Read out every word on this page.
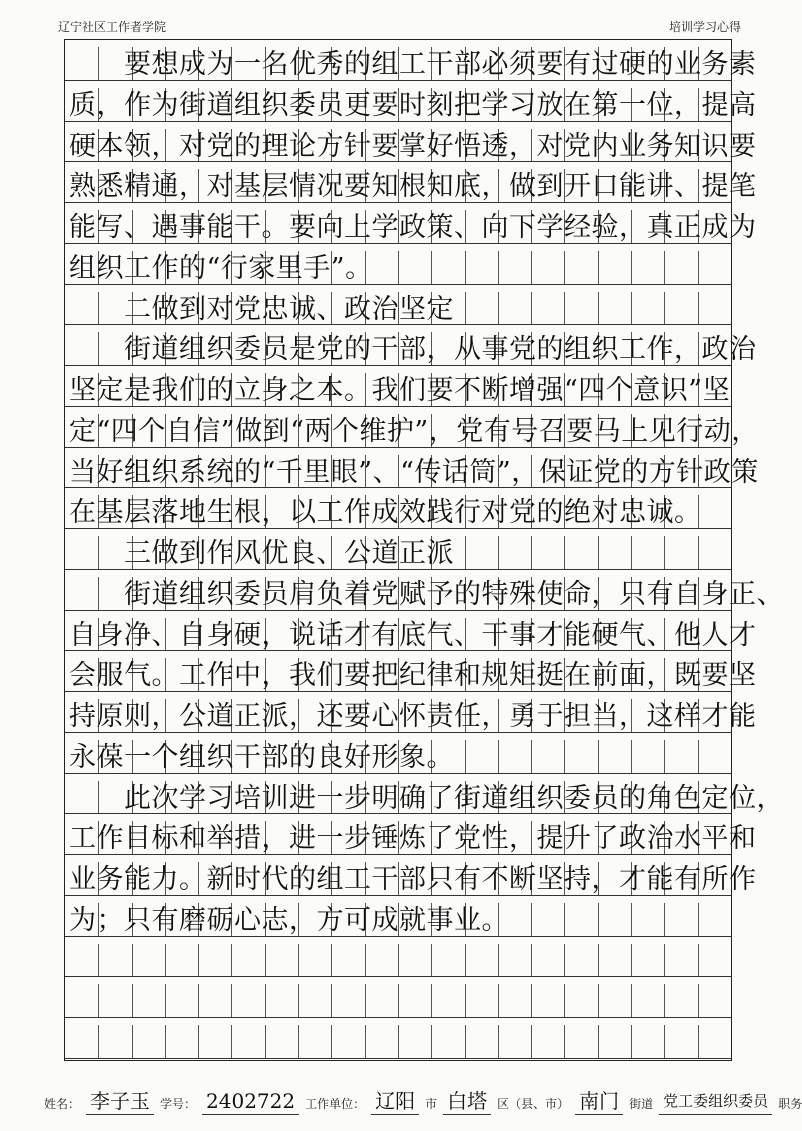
辽宁社区工作者学院	培训学习心得
　　要想成为一名优秀的组工干部必须要有过硬的业务素
质，作为街道组织委员更要时刻把学习放在第一位，提高
硬本领，对党的理论方针要掌好悟透，对党内业务知识要
熟悉精通，对基层情况要知根知底，做到开口能讲、提笔
能写、遇事能干。要向上学政策、向下学经验，真正成为
组织工作的“行家里手”。
　　二做到对党忠诚、政治坚定
　　街道组织委员是党的干部，从事党的组织工作，政治
坚定是我们的立身之本。我们要不断增强“四个意识”坚
定“四个自信”做到“两个维护”，党有号召要马上见行动，
当好组织系统的“千里眼”、“传话筒”，保证党的方针政策
在基层落地生根，以工作成效践行对党的绝对忠诚。
　　三做到作风优良、公道正派
　　街道组织委员肩负着党赋予的特殊使命，只有自身正、
自身净、自身硬，说话才有底气、干事才能硬气、他人才
会服气。工作中，我们要把纪律和规矩挺在前面，既要坚
持原则，公道正派，还要心怀责任，勇于担当，这样才能
永葆一个组织干部的良好形象。
　　此次学习培训进一步明确了街道组织委员的角色定位，
工作目标和举措，进一步锤炼了党性，提升了政治水平和
业务能力。新时代的组工干部只有不断坚持，才能有所作
为；只有磨砺心志，方可成就事业。
姓名： 李子玉 学号： 2402722 工作单位： 辽阳 市 白塔 区（县、市） 南门 街道 党工委组织委员 职务
